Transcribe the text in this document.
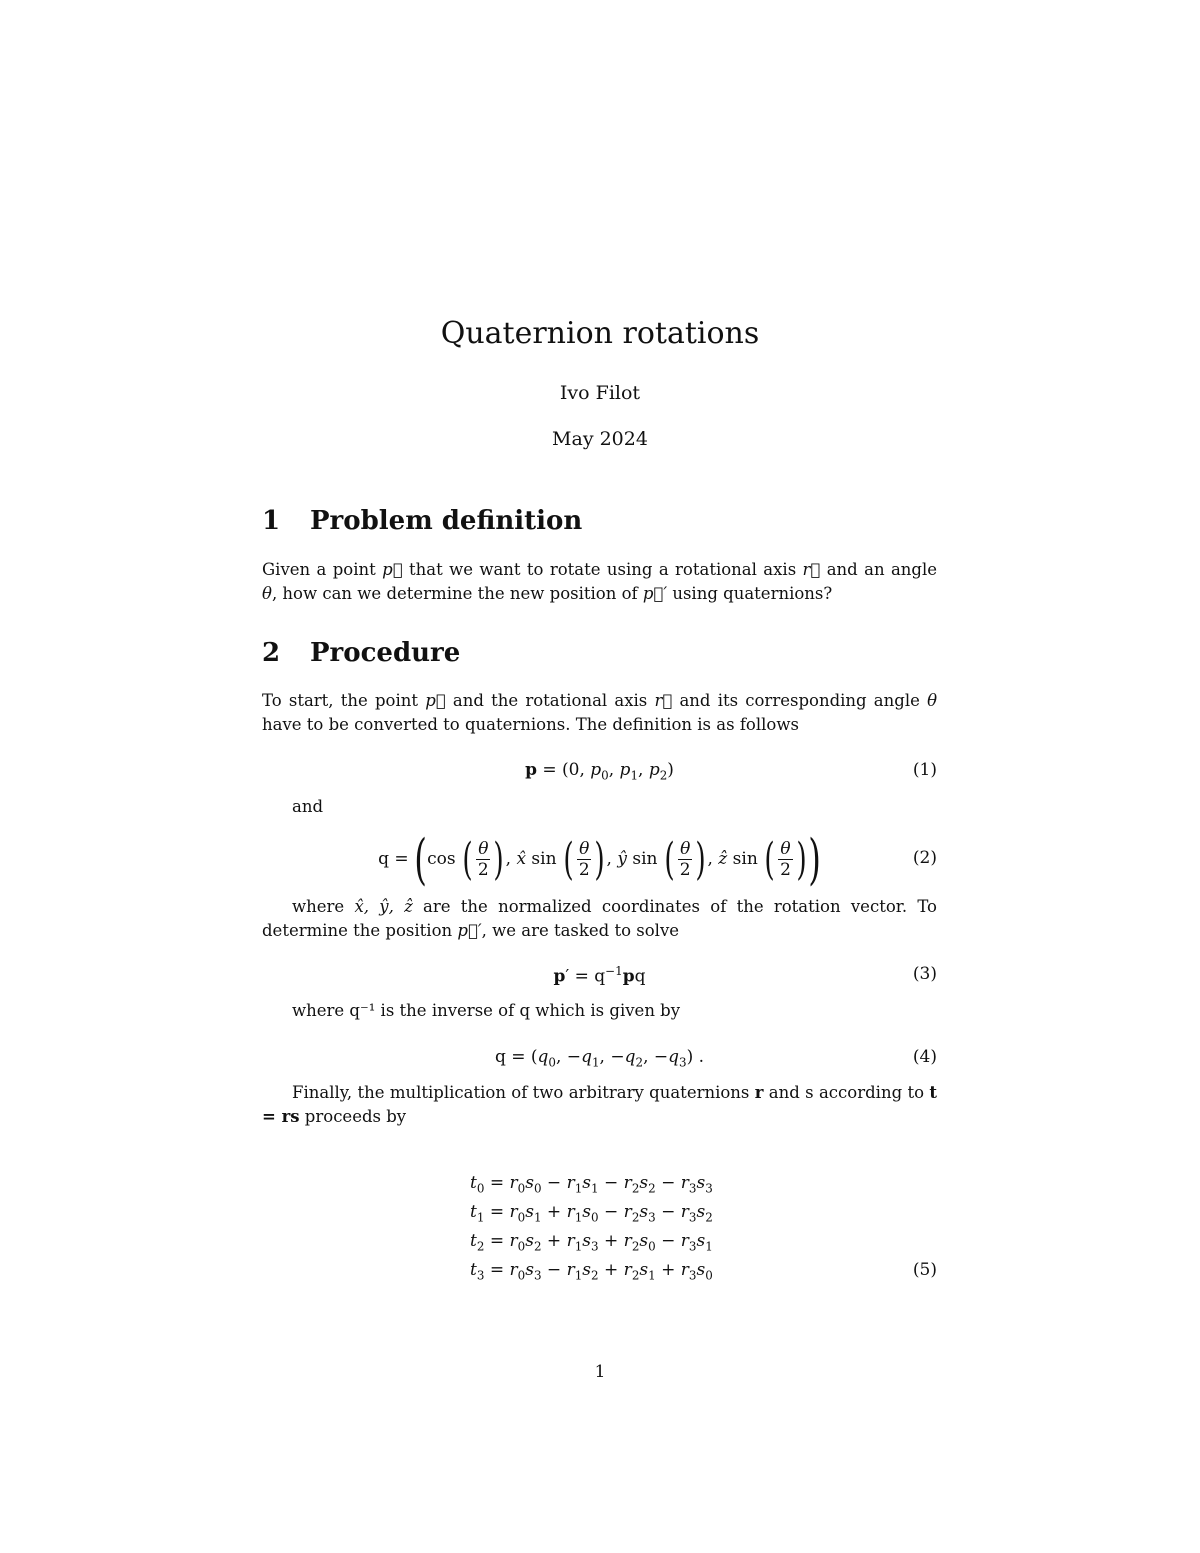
Quaternion rotations
Ivo Filot
May 2024
1 Problem definition

Given a point p⃗ that we want to rotate using a rotational axis r⃗ and an angle θ, how can we determine the new position of p⃗′ using quaternions?

2 Procedure

To start, the point p⃗ and the rotational axis r⃗ and its corresponding angle θ have to be converted to quaternions. The definition is as follows

p = (0, $p_0$, $p_1$, $p_2$)	(1)
and
q = (cos ( $\frac{\theta}{2}$ ), x̂ sin ( $\frac{\theta}{2}$ ), ŷ sin ( $\frac{\theta}{2}$ ), ẑ sin ( $\frac{\theta}{2}$ ))	(2)

where x̂, ŷ, ẑ are the normalized coordinates of the rotation vector. To determine the position p⃗′, we are tasked to solve

$p' = q^{-1}pq$	(3)

where q⁻¹ is the inverse of q which is given by

$q = (q_0$, $-q_1$, $-q_2$, $-q_3$) .	(4)

Finally, the multiplication of two arbitrary quaternions r and s according to t = rs proceeds by

$t_0 = r_0s_0 - r_1s_1 - r_2s_2 - r_3s_3$
$t_1 = r_0s_1 + r_1s_0 - r_2s_3 - r_3s_2$
$t_2 = r_0s_2 + r_1s_3 + r_2s_0 - r_3s_1$
$t_3 = r_0s_3 - r_1s_2 + r_2s_1 + r_3s_0$	(5)
1
